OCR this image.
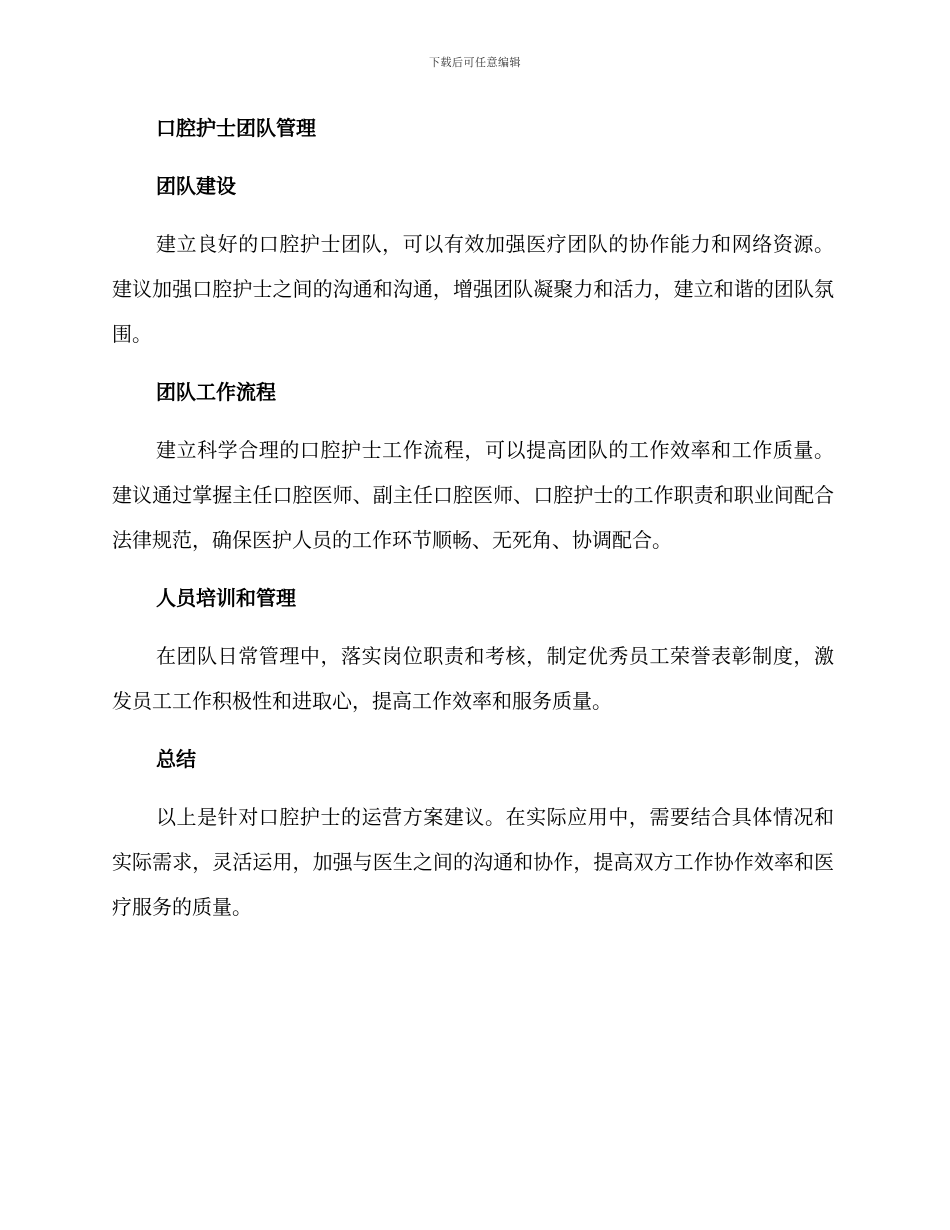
下载后可任意编辑
口腔护士团队管理
团队建设
建立良好的口腔护士团队，可以有效加强医疗团队的协作能力和网络资源。建议加强口腔护士之间的沟通和沟通，增强团队凝聚力和活力，建立和谐的团队氛围。
团队工作流程
建立科学合理的口腔护士工作流程，可以提高团队的工作效率和工作质量。建议通过掌握主任口腔医师、副主任口腔医师、口腔护士的工作职责和职业间配合法律规范，确保医护人员的工作环节顺畅、无死角、协调配合。
人员培训和管理
在团队日常管理中，落实岗位职责和考核，制定优秀员工荣誉表彰制度，激发员工工作积极性和进取心，提高工作效率和服务质量。
总结
以上是针对口腔护士的运营方案建议。在实际应用中，需要结合具体情况和实际需求，灵活运用，加强与医生之间的沟通和协作，提高双方工作协作效率和医疗服务的质量。
